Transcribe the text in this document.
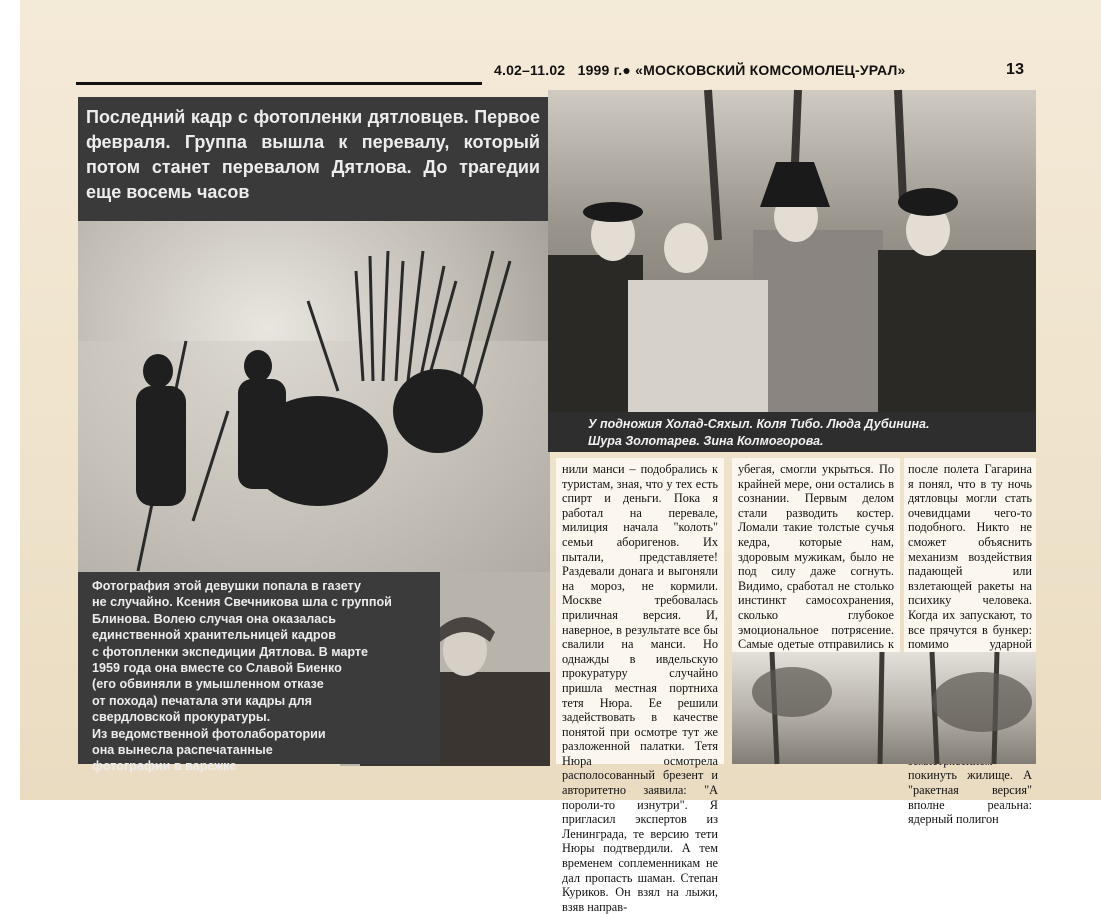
4.02–11.02 1999 г.● «МОСКОВСКИЙ КОМСОМОЛЕЦ-УРАЛ»	13
Последний кадр с фотопленки дятловцев. Первое февраля. Группа вышла к перевалу, который потом станет перевалом Дятлова. До трагедии еще восемь часов
У подножия Холад-Сяхыл. Коля Тибо. Люда Дубинина.
Шура Золотарев. Зина Колмогорова.
Фотография этой девушки попала в газету
не случайно. Ксения Свечникова шла с группой
Блинова. Волею случая она оказалась
единственной хранительницей кадров
с фотопленки экспедиции Дятлова. В марте
1959 года она вместе со Славой Биенко
(его обвиняли в умышленном отказе
от похода) печатала эти кадры для
свердловской прокуратуры.
Из ведомственной фотолаборатории
она вынесла распечатанные
фотографии в варежке
нили манси – подобрались к туристам, зная, что у тех есть спирт и деньги. Пока я работал на перевале, милиция начала "колоть" семьи аборигенов. Их пытали, представляете! Раздевали донага и выгоняли на мороз, не кормили. Москве требовалась приличная версия. И, наверное, в результате все бы свалили на манси. Но однажды в ивдельскую прокуратуру случайно пришла местная портниха тетя Нюра. Ее решили задействовать в качестве понятой при осмотре тут же разложенной палатки. Тетя Нюра осмотрела располосованный брезент и авторитетно заявила: "А пороли-то изнутри". Я пригласил экспертов из Ленинграда, те версию тети Нюры подтвердили. А тем временем соплеменникам не дал пропасть шаман. Степан Куриков. Он взял на лыжи, взяв направ-
убегая, смогли укрыться. По крайней мере, они остались в сознании. Первым делом стали разводить костер. Ломали такие толстые сучья кедра, которые нам, здоровым мужикам, было не под силу даже согнуть. Видимо, сработал не столько инстинкт самосохранения, сколько глубокое эмоциональное потрясение. Самые одетые отправились к
после полета Гагарина я понял, что в ту ночь дятловцы могли стать очевидцами чего-то подобного. Никто не сможет объяснить механизм воздействия падающей или взлетающей ракеты на психику человека. Когда их запускают, то все прячутся в бункер: помимо ударной покинуть жилище. А "ракетная версия" вполне реальна: ядерный полигон
